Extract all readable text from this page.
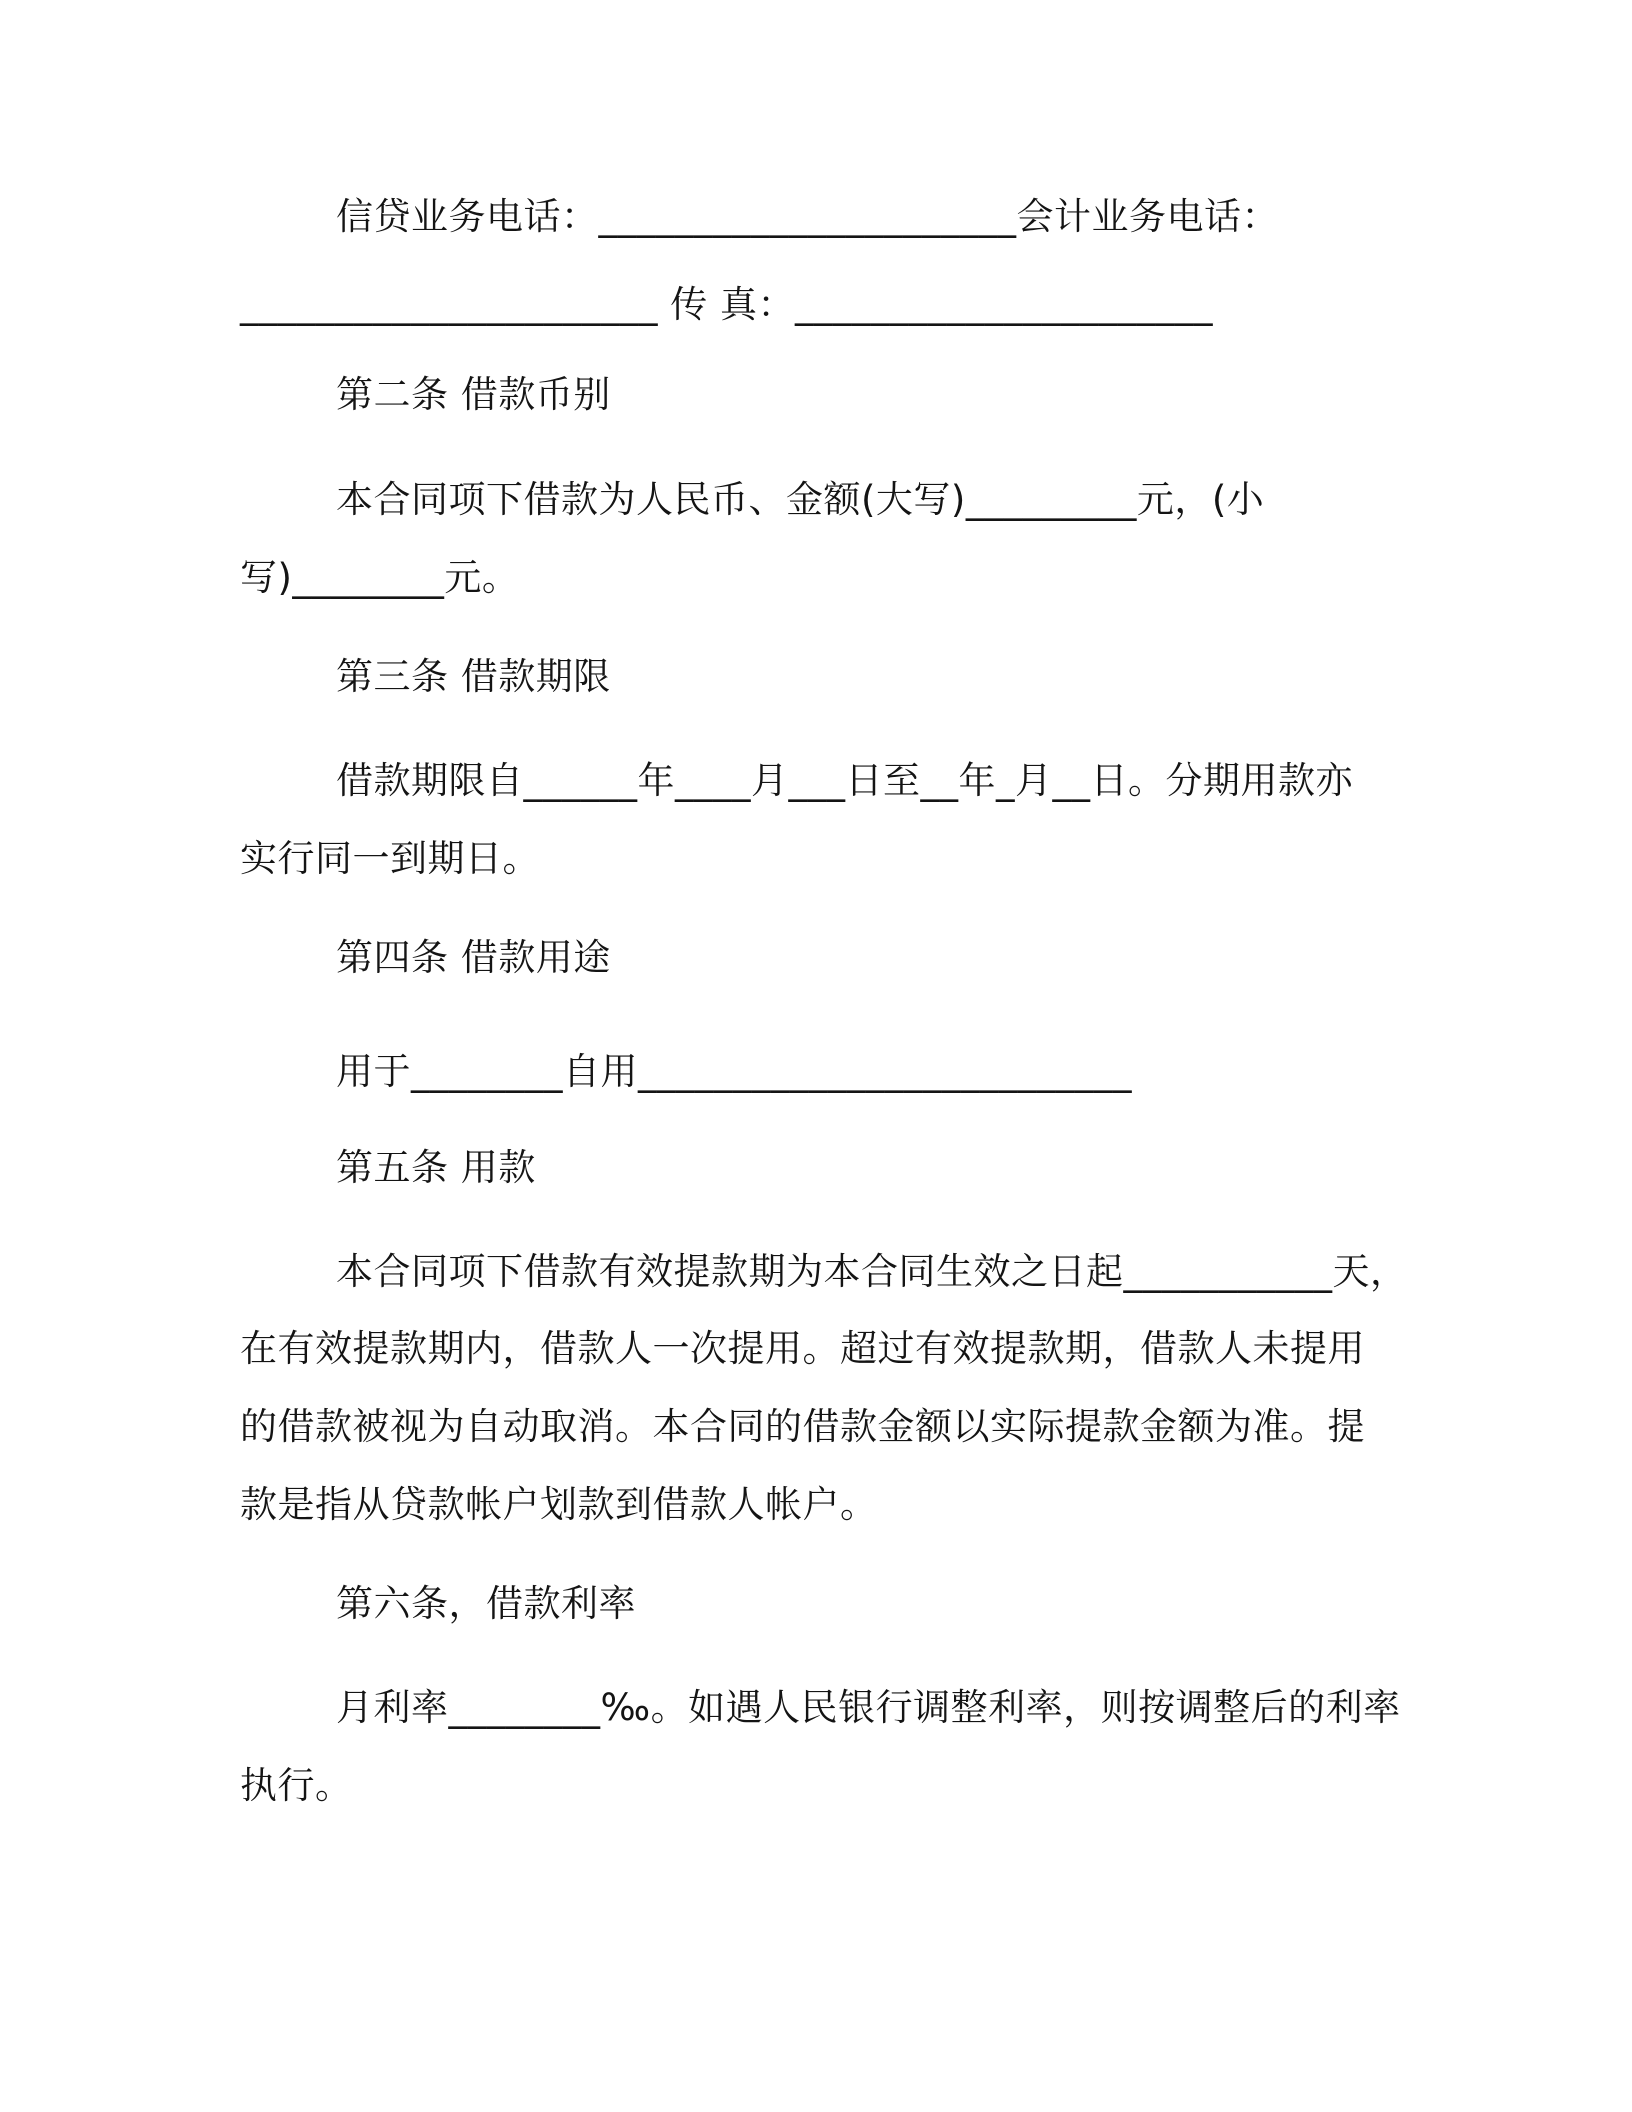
信贷业务电话：______________________会计业务电话：
______________________ 传 真：______________________
第二条 借款币别
本合同项下借款为人民币、金额(大写)_________元，(小
写)________元。
第三条 借款期限
借款期限自______年____月___日至__年_月__日。分期用款亦
实行同一到期日。
第四条 借款用途
用于________自用__________________________
第五条 用款
本合同项下借款有效提款期为本合同生效之日起___________天，
在有效提款期内，借款人一次提用。超过有效提款期，借款人未提用
的借款被视为自动取消。本合同的借款金额以实际提款金额为准。提
款是指从贷款帐户划款到借款人帐户。
第六条，借款利率
月利率________‰。如遇人民银行调整利率，则按调整后的利率
执行。
